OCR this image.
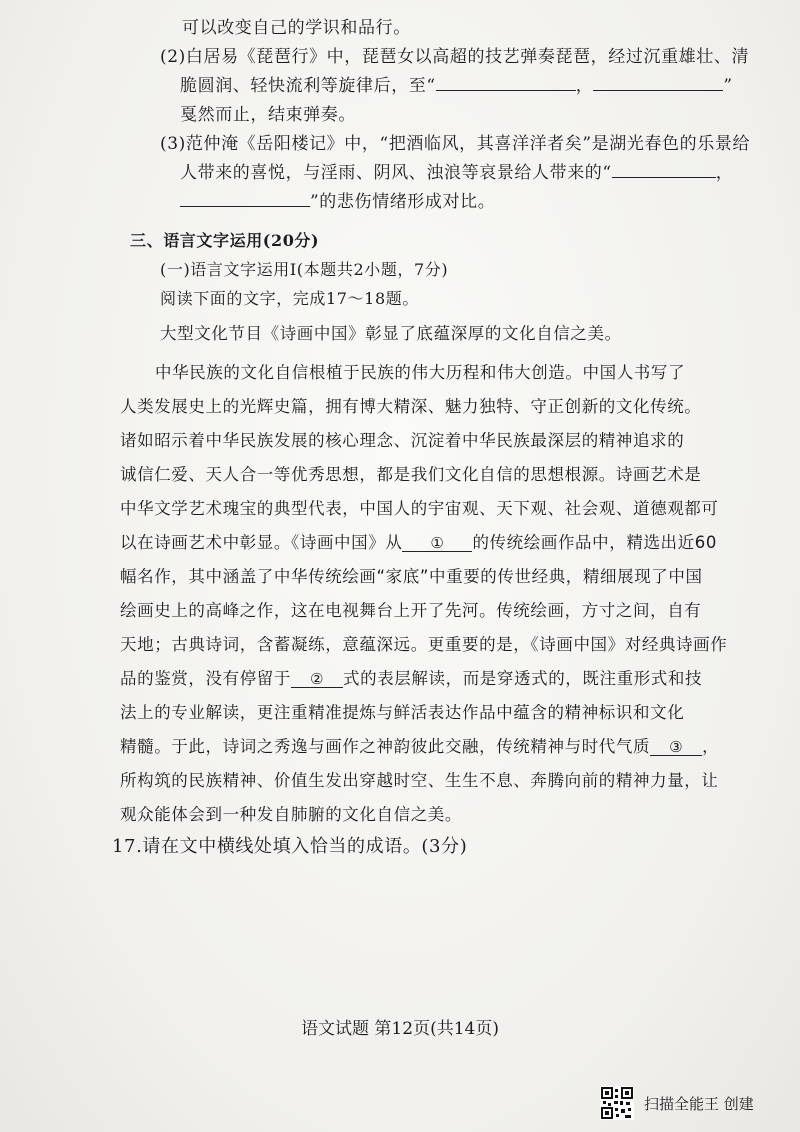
可以改变自己的学识和品行。
(2)白居易《琵琶行》中，琵琶女以高超的技艺弹奏琵琶，经过沉重雄壮、清
脆圆润、轻快流利等旋律后，至“	，	”
戛然而止，结束弹奏。
(3)范仲淹《岳阳楼记》中，“把酒临风，其喜洋洋者矣”是湖光春色的乐景给
人带来的喜悦，与淫雨、阴风、浊浪等哀景给人带来的“	，
”的悲伤情绪形成对比。
三、语言文字运用(20分)
(一)语言文字运用Ⅰ(本题共2小题，7分)
阅读下面的文字，完成17～18题。
大型文化节目《诗画中国》彰显了底蕴深厚的文化自信之美。
中华民族的文化自信根植于民族的伟大历程和伟大创造。中国人书写了
人类发展史上的光辉史篇，拥有博大精深、魅力独特、守正创新的文化传统。
诸如昭示着中华民族发展的核心理念、沉淀着中华民族最深层的精神追求的
诚信仁爱、天人合一等优秀思想，都是我们文化自信的思想根源。诗画艺术是
中华文学艺术瑰宝的典型代表，中国人的宇宙观、天下观、社会观、道德观都可
以在诗画艺术中彰显。《诗画中国》从 ① 的传统绘画作品中，精选出近60
幅名作，其中涵盖了中华传统绘画“家底”中重要的传世经典，精细展现了中国
绘画史上的高峰之作，这在电视舞台上开了先河。传统绘画，方寸之间，自有
天地；古典诗词，含蓄凝练，意蕴深远。更重要的是，《诗画中国》对经典诗画作
品的鉴赏，没有停留于 ② 式的表层解读，而是穿透式的，既注重形式和技
法上的专业解读，更注重精准提炼与鲜活表达作品中蕴含的精神标识和文化
精髓。于此，诗词之秀逸与画作之神韵彼此交融，传统精神与时代气质 ③ ，
所构筑的民族精神、价值生发出穿越时空、生生不息、奔腾向前的精神力量，让
观众能体会到一种发自肺腑的文化自信之美。
17.请在文中横线处填入恰当的成语。(3分)
语文试题 第12页(共14页)
扫描全能王 创建
